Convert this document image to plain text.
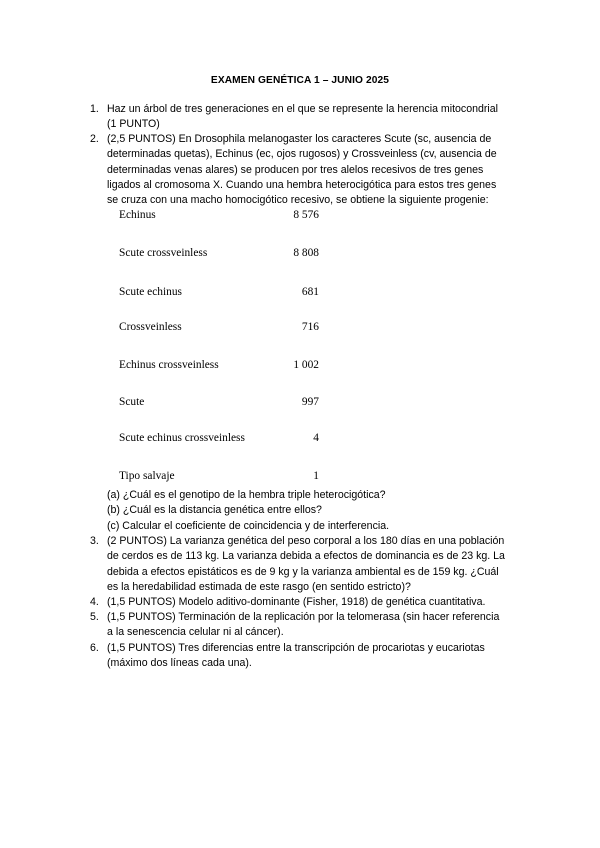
EXAMEN GENÉTICA 1 – JUNIO 2025
1. Haz un árbol de tres generaciones en el que se represente la herencia mitocondrial
(1 PUNTO)
2. (2,5 PUNTOS) En Drosophila melanogaster los caracteres Scute (sc, ausencia de
determinadas quetas), Echinus (ec, ojos rugosos) y Crossveinless (cv, ausencia de
determinadas venas alares) se producen por tres alelos recesivos de tres genes
ligados al cromosoma X. Cuando una hembra heterocigótica para estos tres genes
se cruza con una macho homocigótico recesivo, se obtiene la siguiente progenie:
Echinus	8 576
Scute crossveinless	8 808
Scute echinus	681
Crossveinless	716
Echinus crossveinless	1 002
Scute	997
Scute echinus crossveinless	4
Tipo salvaje	1
(a) ¿Cuál es el genotipo de la hembra triple heterocigótica?
(b) ¿Cuál es la distancia genética entre ellos?
(c) Calcular el coeficiente de coincidencia y de interferencia.
3. (2 PUNTOS) La varianza genética del peso corporal a los 180 días en una población
de cerdos es de 113 kg. La varianza debida a efectos de dominancia es de 23 kg. La
debida a efectos epistáticos es de 9 kg y la varianza ambiental es de 159 kg. ¿Cuál
es la heredabilidad estimada de este rasgo (en sentido estricto)?
4. (1,5 PUNTOS) Modelo aditivo-dominante (Fisher, 1918) de genética cuantitativa.
5. (1,5 PUNTOS) Terminación de la replicación por la telomerasa (sin hacer referencia
a la senescencia celular ni al cáncer).
6. (1,5 PUNTOS) Tres diferencias entre la transcripción de procariotas y eucariotas
(máximo dos líneas cada una).
